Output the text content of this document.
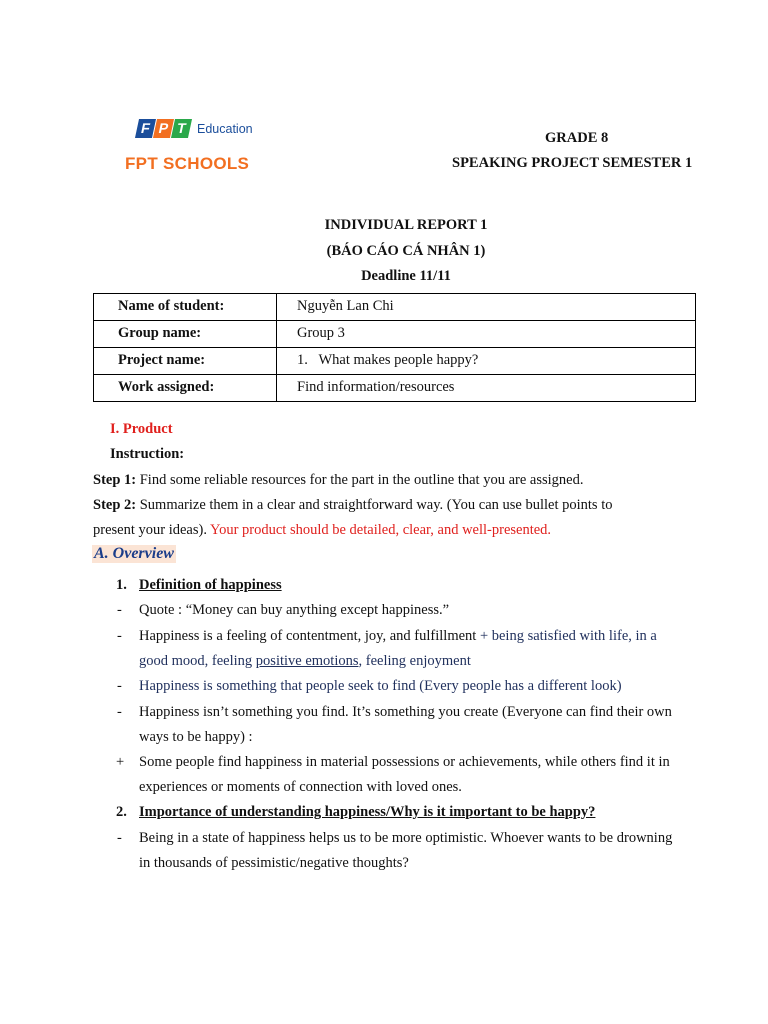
F P T Education
FPT SCHOOLS
GRADE 8
SPEAKING PROJECT SEMESTER 1
INDIVIDUAL REPORT 1
(BÁO CÁO CÁ NHÂN 1)
Deadline 11/11
Name of student:	Nguyễn Lan Chi
Group name:	Group 3
Project name:	1.   What makes people happy?
Work assigned:	Find information/resources
I. Product
Instruction:
Step 1: Find some reliable resources for the part in the outline that you are assigned.
Step 2: Summarize them in a clear and straightforward way. (You can use bullet points to
present your ideas). Your product should be detailed, clear, and well-presented.
A. Overview
1. Definition of happiness
- Quote : “Money can buy anything except happiness.”
- Happiness is a feeling of contentment, joy, and fulfillment + being satisfied with life, in a
good mood, feeling positive emotions, feeling enjoyment
- Happiness is something that people seek to find (Every people has a different look)
- Happiness isn’t something you find. It’s something you create (Everyone can find their own
ways to be happy) :
+ Some people find happiness in material possessions or achievements, while others find it in
experiences or moments of connection with loved ones.
2. Importance of understanding happiness/Why is it important to be happy?
- Being in a state of happiness helps us to be more optimistic. Whoever wants to be drowning
in thousands of pessimistic/negative thoughts?
